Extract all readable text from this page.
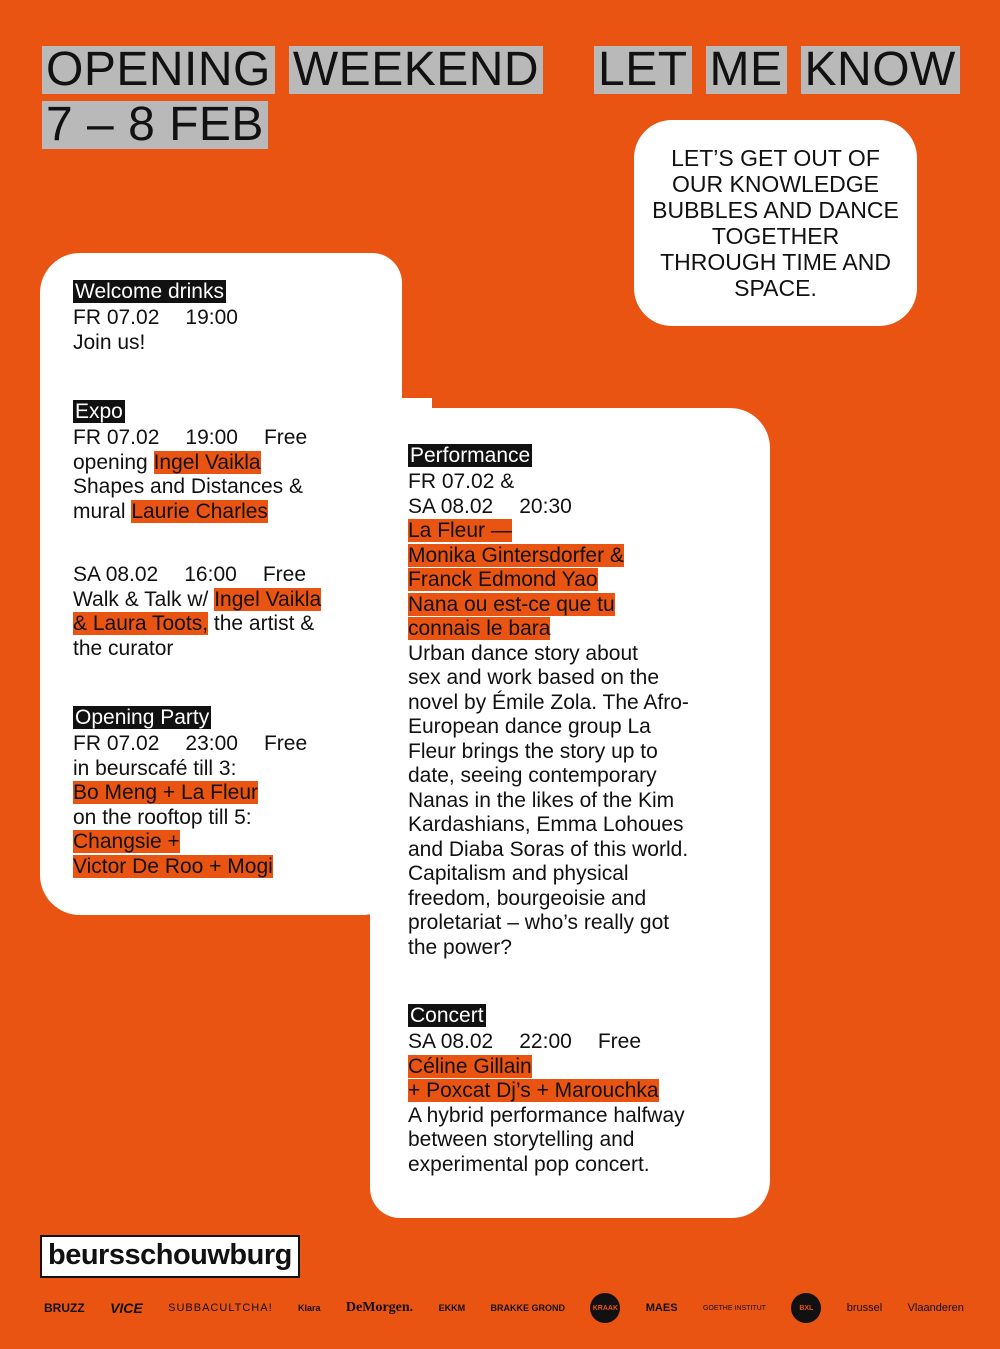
OPENING WEEKEND	LET ME KNOW
7 – 8 FEB
LET’S GET OUT OF OUR KNOWLEDGE BUBBLES AND DANCE TOGETHER THROUGH TIME AND SPACE.
Welcome drinks
FR 07.02 19:00
Join us!
Expo
FR 07.02 19:00 Free
opening Ingel Vaikla
Shapes and Distances &
mural Laurie Charles
SA 08.02 16:00 Free
Walk & Talk w/ Ingel Vaikla
& Laura Toots, the artist &
the curator
Opening Party
FR 07.02 23:00 Free
in beurscafé till 3:
Bo Meng + La Fleur
on the rooftop till 5:
Changsie +
Victor De Roo + Mogi
Performance
FR 07.02 &
SA 08.02 20:30
La Fleur —
Monika Gintersdorfer &
Franck Edmond Yao
Nana ou est-ce que tu
connais le bara
Urban dance story about
sex and work based on the
novel by Émile Zola. The Afro-
European dance group La
Fleur brings the story up to
date, seeing contemporary
Nanas in the likes of the Kim
Kardashians, Emma Lohoues
and Diaba Soras of this world.
Capitalism and physical
freedom, bourgeoisie and
proletariat – who’s really got
the power?
Concert
SA 08.02 22:00 Free
Céline Gillain
+ Poxcat Dj’s + Marouchka
A hybrid performance halfway
between storytelling and
experimental pop concert.
beursschouwburg
BRUZZ VICE SUBBACULTCHA!	Klara DeMorgen.	EKKM	BRAKKE GROND	KRAAK	MAES	GOETHE INSTITUT	BXL	brussel Vlaanderen
